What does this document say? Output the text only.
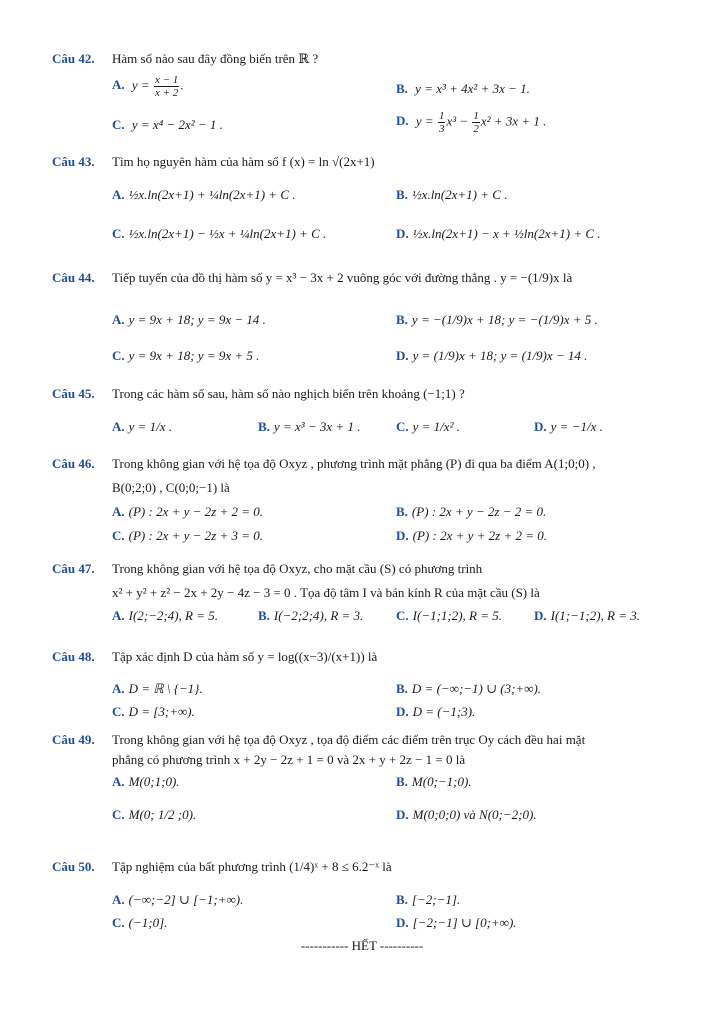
Câu 42.	Hàm số nào sau đây đồng biến trên ℝ ?
A. $y = \frac{x - 1}{x + 2}$ .	B. y = x³ + 4x² + 3x − 1.
C. y = x⁴ − 2x² − 1 .	D. $y = \frac{1}{3} x^3 - \frac{1}{2} x^2 + 3x + 1$ .
Câu 43.	Tìm họ nguyên hàm của hàm số f (x) = ln √(2x+1)
A. ½x.ln(2x+1) + ¼ln(2x+1) + C .	B. ½x.ln(2x+1) + C .
C. ½x.ln(2x+1) − ½x + ¼ln(2x+1) + C .	D. ½x.ln(2x+1) − x + ½ln(2x+1) + C .
Câu 44.	Tiếp tuyến của đồ thị hàm số y = x³ − 3x + 2 vuông góc với đường thẳng . y = −(1/9)x là
A. y = 9x + 18; y = 9x − 14 .	B. y = −(1/9)x + 18; y = −(1/9)x + 5 .
C. y = 9x + 18; y = 9x + 5 .	D. y = (1/9)x + 18; y = (1/9)x − 14 .
Câu 45.	Trong các hàm số sau, hàm số nào nghịch biến trên khoảng (−1;1) ?
A. y = 1/x .	B. y = x³ − 3x + 1 .	C. y = 1/x² .	D. y = −1/x .
Câu 46.	Trong không gian với hệ tọa độ Oxyz , phương trình mặt phẳng (P) đi qua ba điểm A(1;0;0) ,
B(0;2;0) , C(0;0;−1) là
A. (P) : 2x + y − 2z + 2 = 0.	B. (P) : 2x + y − 2z − 2 = 0.
C. (P) : 2x + y − 2z + 3 = 0.	D. (P) : 2x + y + 2z + 2 = 0.
Câu 47.	Trong không gian với hệ tọa độ Oxyz, cho mặt cầu (S) có phương trình
x² + y² + z² − 2x + 2y − 4z − 3 = 0 . Tọa độ tâm I và bán kính R của mặt cầu (S) là
A. I(2;−2;4), R = 5.	B. I(−2;2;4), R = 3.	C. I(−1;1;2), R = 5. D. I(1;−1;2), R = 3.
Câu 48.	Tập xác định D của hàm số y = log((x−3)/(x+1)) là
A. D = ℝ \ {−1}.	B. D = (−∞;−1) ∪ (3;+∞).
C. D = [3;+∞).	D. D = (−1;3).
Câu 49.	Trong không gian với hệ tọa độ Oxyz , tọa độ điểm các điểm trên trục Oy cách đều hai mặt
phẳng có phương trình x + 2y − 2z + 1 = 0 và 2x + y + 2z − 1 = 0 là
A. M(0;1;0).	B. M(0;−1;0).
C. M(0; 1/2 ;0).	D. M(0;0;0) và N(0;−2;0).
Câu 50.	Tập nghiệm của bất phương trình (1/4)ˣ + 8 ≤ 6.2⁻ˣ là
A. (−∞;−2] ∪ [−1;+∞).	B. [−2;−1].
C. (−1;0].	D. [−2;−1] ∪ [0;+∞).
----------- HẾT ----------
